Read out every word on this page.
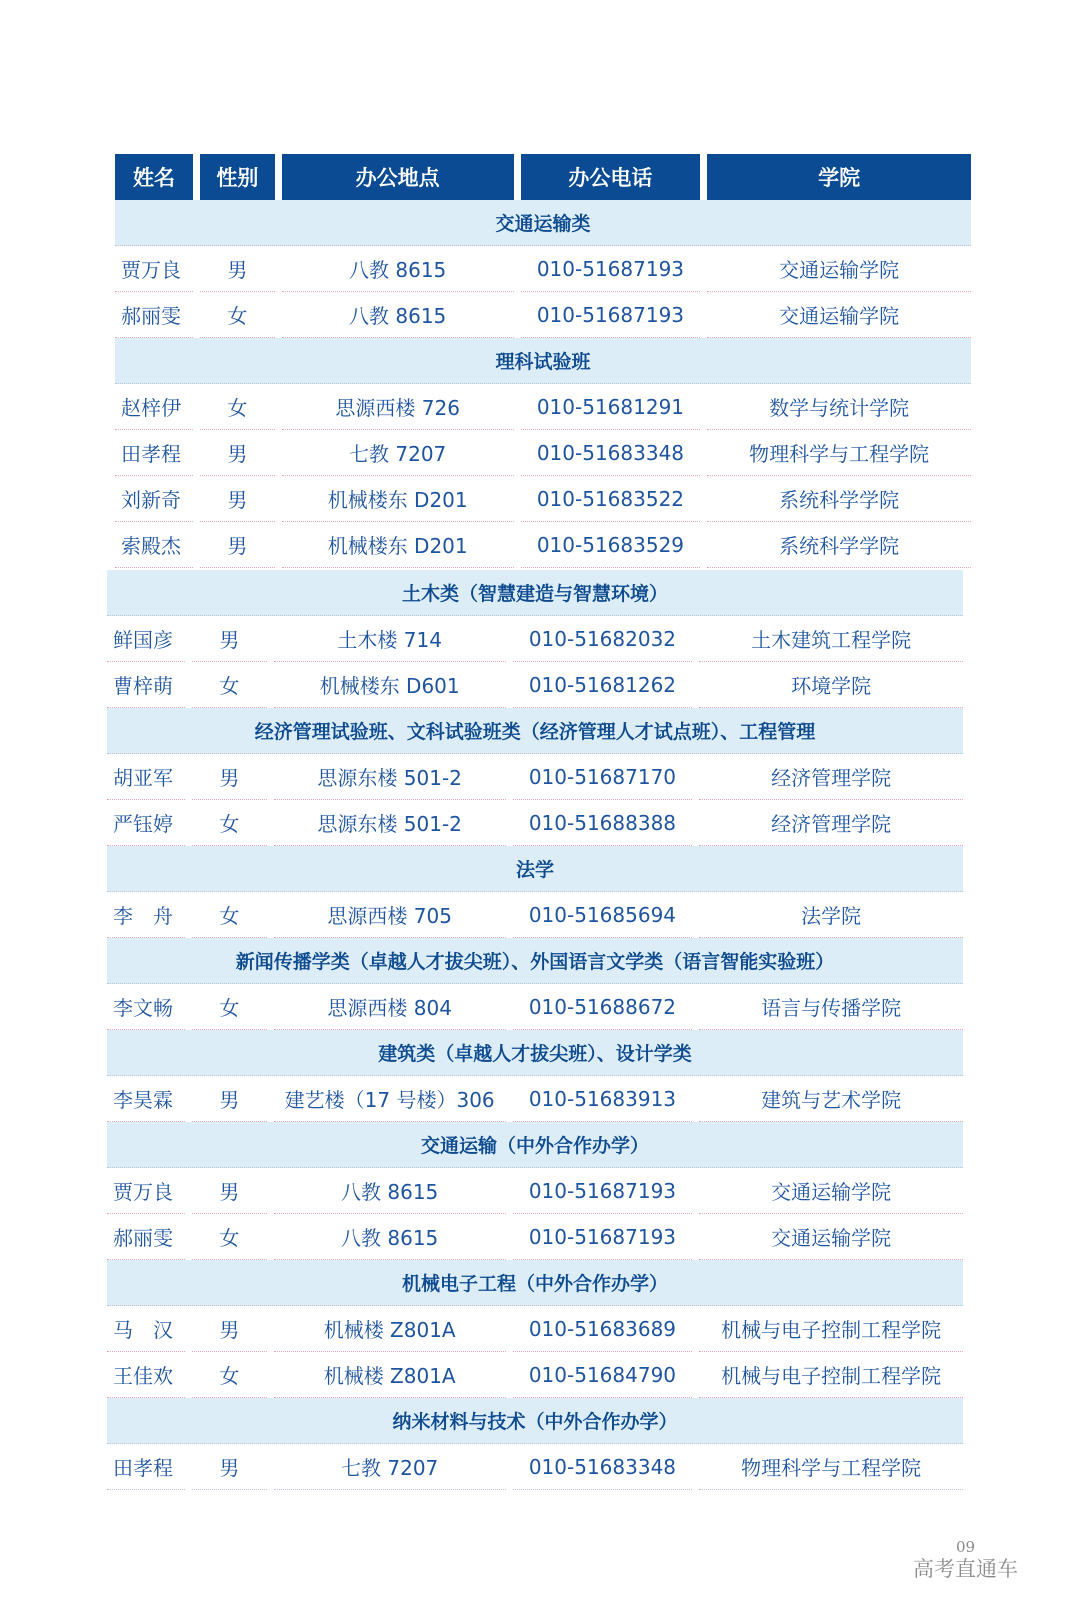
姓名	性别	办公地点	办公电话	学院
交通运输类
贾万良	男	八教 8615	010-51687193	交通运输学院
郝丽雯	女	八教 8615	010-51687193	交通运输学院
理科试验班
赵梓伊	女	思源西楼 726	010-51681291	数学与统计学院
田孝程	男	七教 7207	010-51683348	物理科学与工程学院
刘新奇	男	机械楼东 D201	010-51683522	系统科学学院
索殿杰	男	机械楼东 D201	010-51683529	系统科学学院
土木类（智慧建造与智慧环境）
鲜国彦	男	土木楼 714	010-51682032	土木建筑工程学院
曹梓萌	女	机械楼东 D601	010-51681262	环境学院
经济管理试验班、文科试验班类（经济管理人才试点班）、工程管理
胡亚军	男	思源东楼 501-2	010-51687170	经济管理学院
严钰婷	女	思源东楼 501-2	010-51688388	经济管理学院
法学
李　舟	女	思源西楼 705	010-51685694	法学院
新闻传播学类（卓越人才拔尖班）、外国语言文学类（语言智能实验班）
李文畅	女	思源西楼 804	010-51688672	语言与传播学院
建筑类（卓越人才拔尖班）、设计学类
李昊霖	男	建艺楼（17 号楼）306	010-51683913	建筑与艺术学院
交通运输（中外合作办学）
贾万良	男	八教 8615	010-51687193	交通运输学院
郝丽雯	女	八教 8615	010-51687193	交通运输学院
机械电子工程（中外合作办学）
马　汉	男	机械楼 Z801A	010-51683689	机械与电子控制工程学院
王佳欢	女	机械楼 Z801A	010-51684790	机械与电子控制工程学院
纳米材料与技术（中外合作办学）
田孝程	男	七教 7207	010-51683348	物理科学与工程学院
09
高考直通车
